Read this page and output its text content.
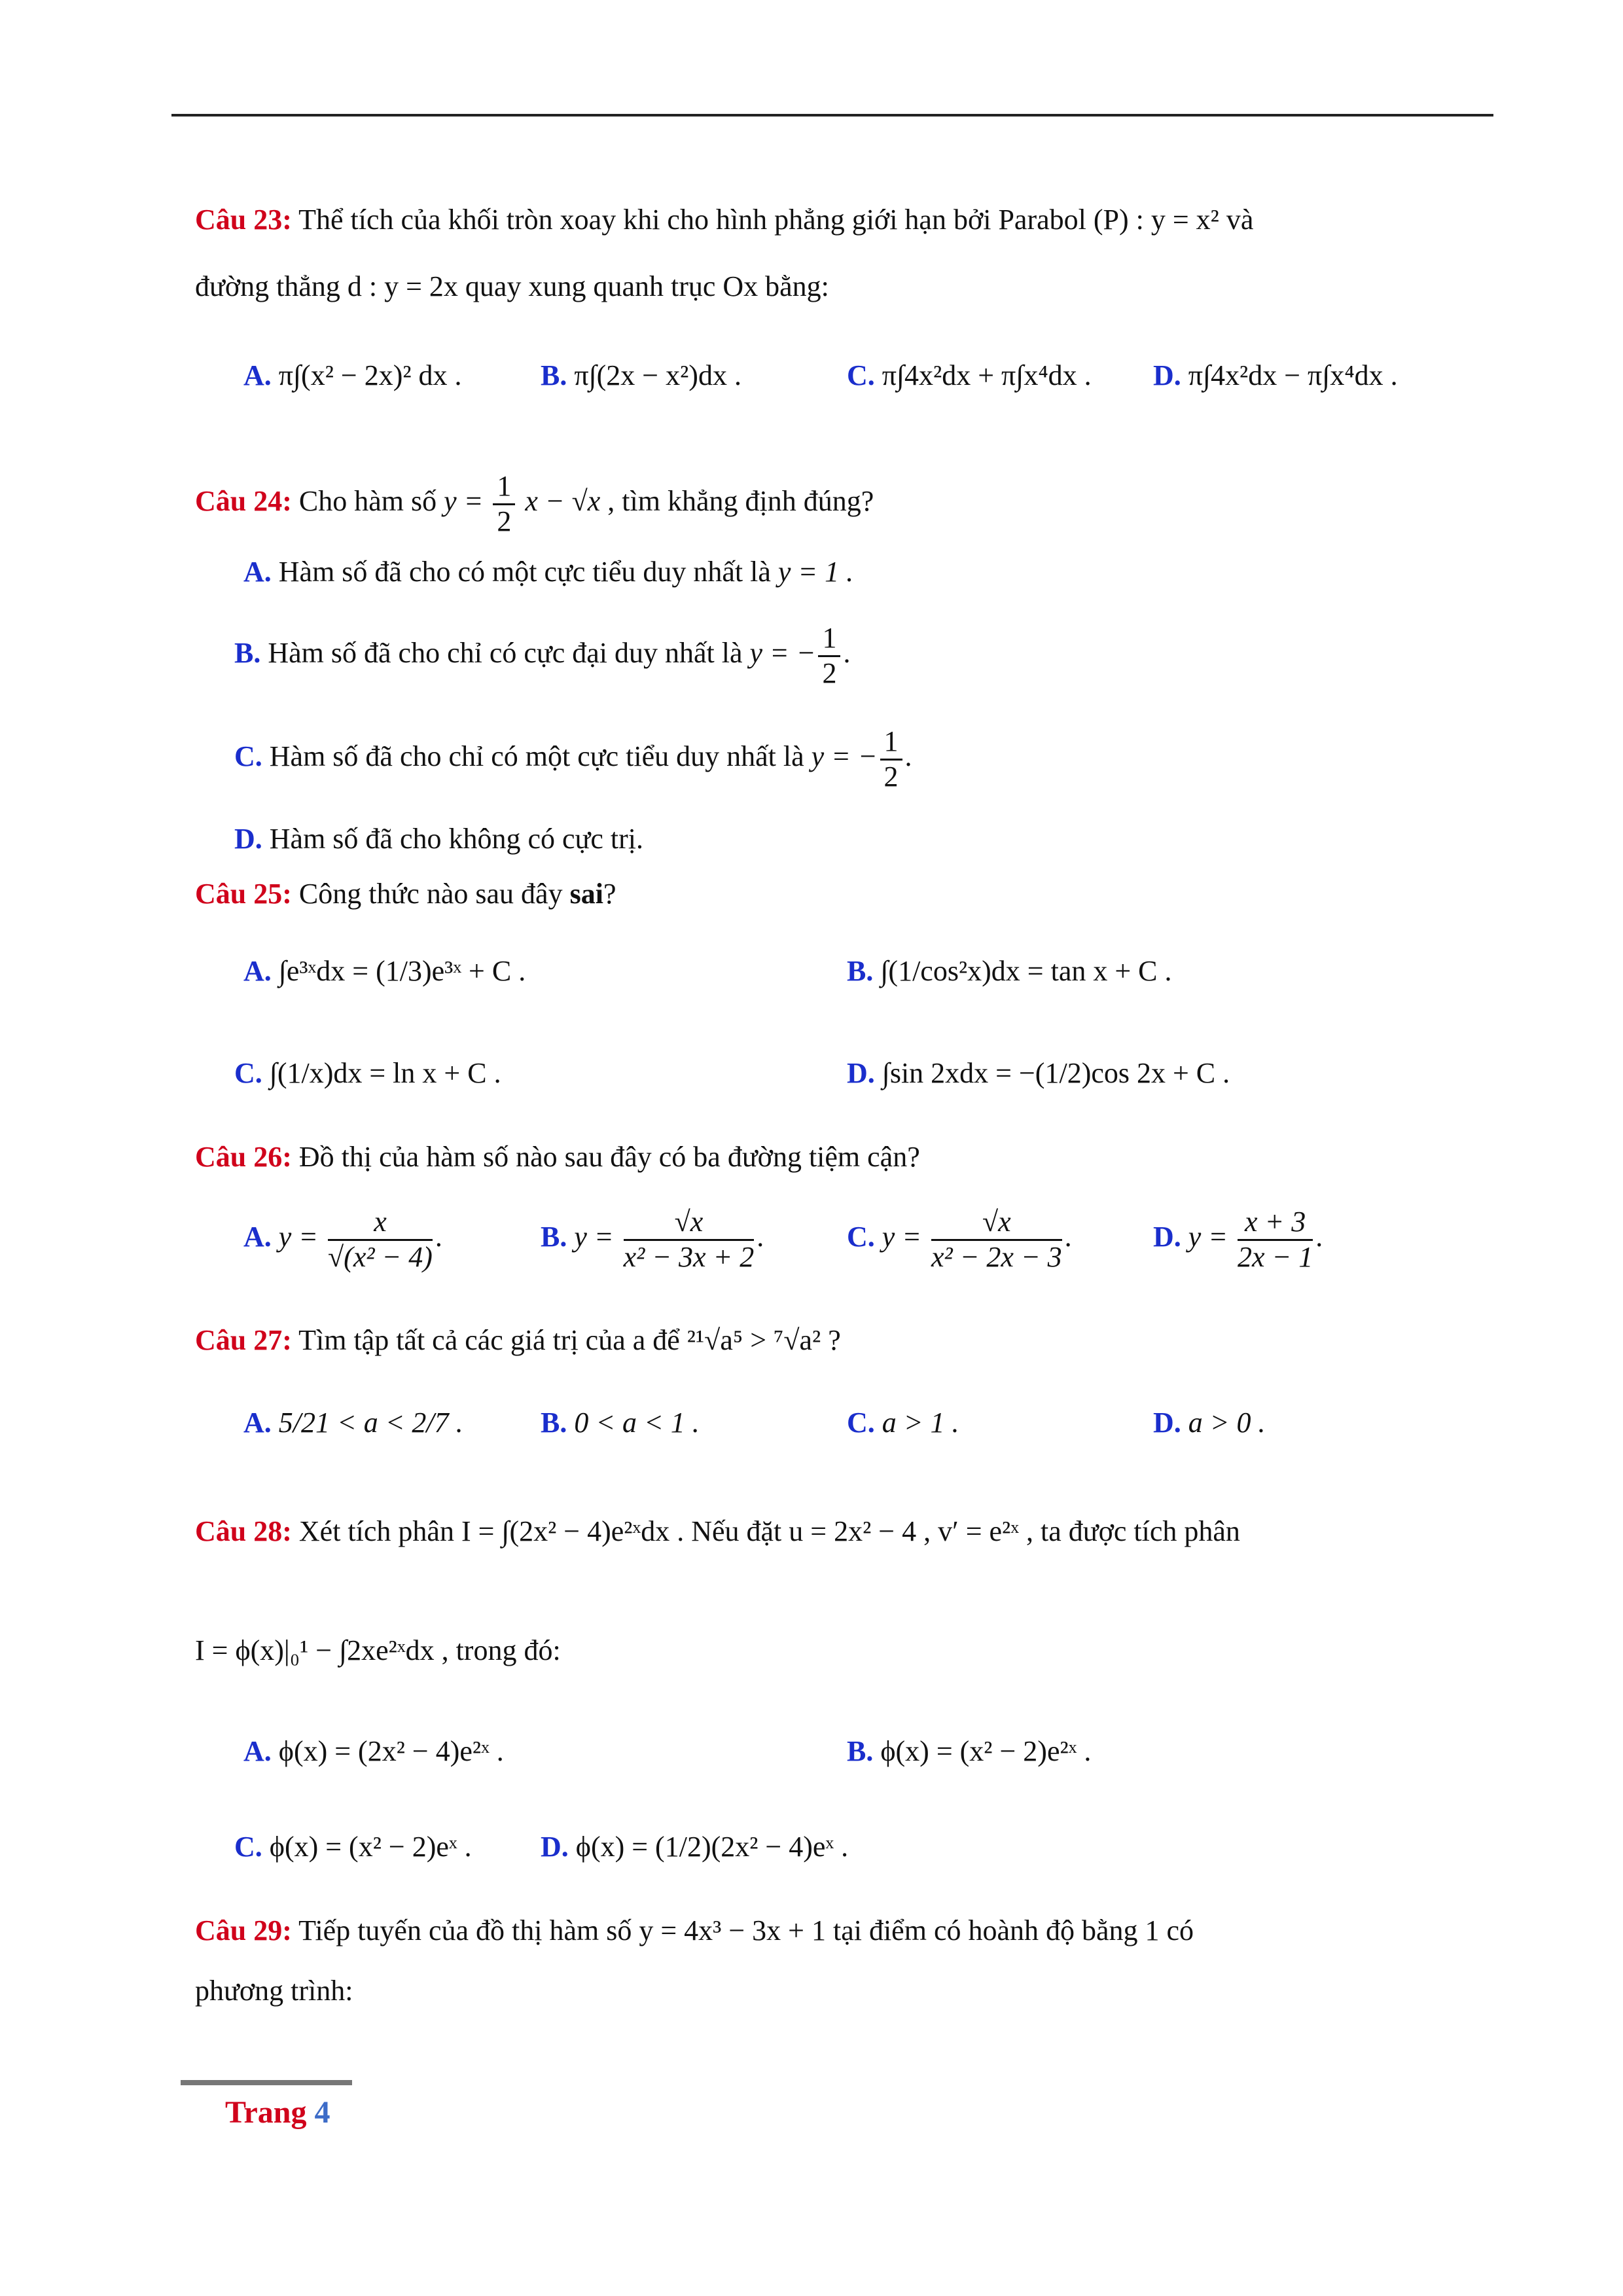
Câu 23: Thể tích của khối tròn xoay khi cho hình phẳng giới hạn bởi Parabol (P) : y = x² và
đường thẳng d : y = 2x quay xung quanh trục Ox bằng:
A. π∫(x² − 2x)² dx .	B. π∫(2x − x²)dx .	C. π∫4x²dx + π∫x⁴dx . D. π∫4x²dx − π∫x⁴dx .
Câu 24: Cho hàm số $y = \frac{1}{2}$ x − √x , tìm khẳng định đúng?
A. Hàm số đã cho có một cực tiểu duy nhất là y = 1 .
B. Hàm số đã cho chỉ có cực đại duy nhất là y = − $\frac{1}{2}$ .
C. Hàm số đã cho chỉ có một cực tiểu duy nhất là y = − $\frac{1}{2}$ .
D. Hàm số đã cho không có cực trị.
Câu 25: Công thức nào sau đây sai?
A. ∫e³ˣdx = (1/3)e³ˣ + C .	B. ∫(1/cos²x)dx = tan x + C .
C. ∫(1/x)dx = ln x + C .	D. ∫sin 2xdx = −(1/2)cos 2x + C .
Câu 26: Đồ thị của hàm số nào sau đây có ba đường tiệm cận?
A. $y = \frac{x}{\text{√(x² − 4)}}$ .	B. $y = \frac{√x}{\text{x² − 3x + 2}}$ .	C. $y = \frac{√x}{\text{x² − 2x − 3}}$ .	D. $y = \frac{x + 3}{2x - 1}$ .
Câu 27: Tìm tập tất cả các giá trị của a để ²¹√a⁵ > ⁷√a² ?
A. 5/21 < a < 2/7 .	B. 0 < a < 1 .	C. a > 1 .	D. a > 0 .
Câu 28: Xét tích phân I = ∫(2x² − 4)e²ˣdx . Nếu đặt u = 2x² − 4 , v′ = e²ˣ , ta được tích phân
I = ϕ(x)|₀¹ − ∫2xe²ˣdx , trong đó:
A. ϕ(x) = (2x² − 4)e²ˣ .	B. ϕ(x) = (x² − 2)e²ˣ .
C. ϕ(x) = (x² − 2)eˣ . D. ϕ(x) = (1/2)(2x² − 4)eˣ .
Câu 29: Tiếp tuyến của đồ thị hàm số y = 4x³ − 3x + 1 tại điểm có hoành độ bằng 1 có
phương trình:
Trang 4
